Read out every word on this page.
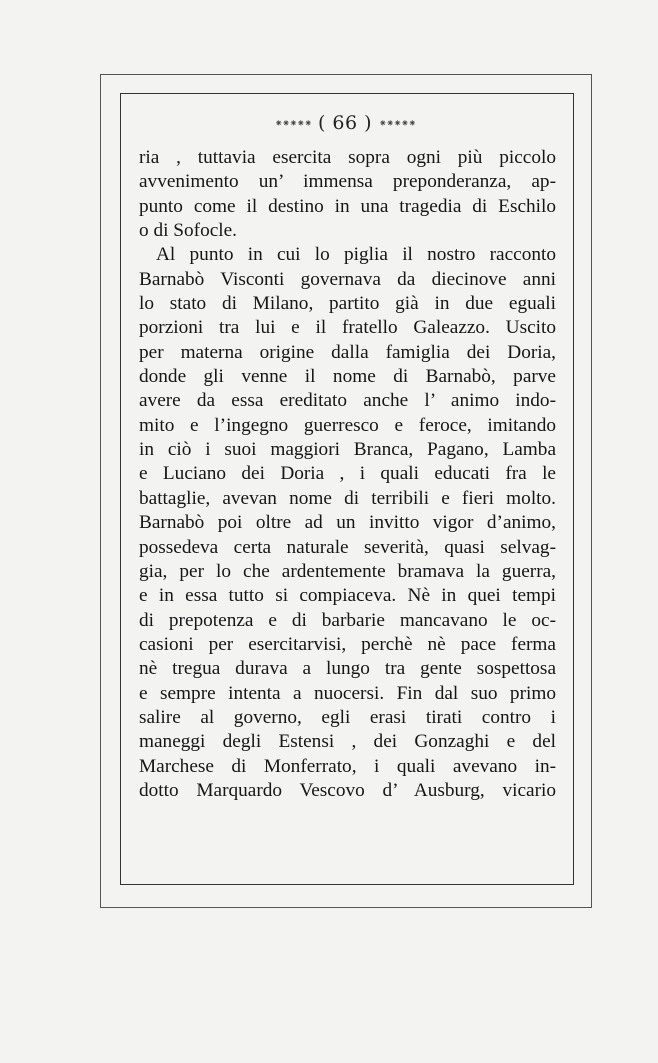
⁕⁕⁕⁕⁕ ( 66 ) ⁕⁕⁕⁕⁕
ria , tuttavia esercita sopra ogni più piccolo
avvenimento un’ immensa preponderanza, ap-
punto come il destino in una tragedia di Eschilo
o di Sofocle.
Al punto in cui lo piglia il nostro racconto
Barnabò Visconti governava da diecinove anni
lo stato di Milano, partito già in due eguali
porzioni tra lui e il fratello Galeazzo. Uscito
per materna origine dalla famiglia dei Doria,
donde gli venne il nome di Barnabò, parve
avere da essa ereditato anche l’ animo indo-
mito e l’ingegno guerresco e feroce, imitando
in ciò i suoi maggiori Branca, Pagano, Lamba
e Luciano dei Doria , i quali educati fra le
battaglie, avevan nome di terribili e fieri molto.
Barnabò poi oltre ad un invitto vigor d’animo,
possedeva certa naturale severità, quasi selvag-
gia, per lo che ardentemente bramava la guerra,
e in essa tutto si compiaceva. Nè in quei tempi
di prepotenza e di barbarie mancavano le oc-
casioni per esercitarvisi, perchè nè pace ferma
nè tregua durava a lungo tra gente sospettosa
e sempre intenta a nuocersi. Fin dal suo primo
salire al governo, egli erasi tirati contro i
maneggi degli Estensi , dei Gonzaghi e del
Marchese di Monferrato, i quali avevano in-
dotto Marquardo Vescovo d’ Ausburg, vicario
